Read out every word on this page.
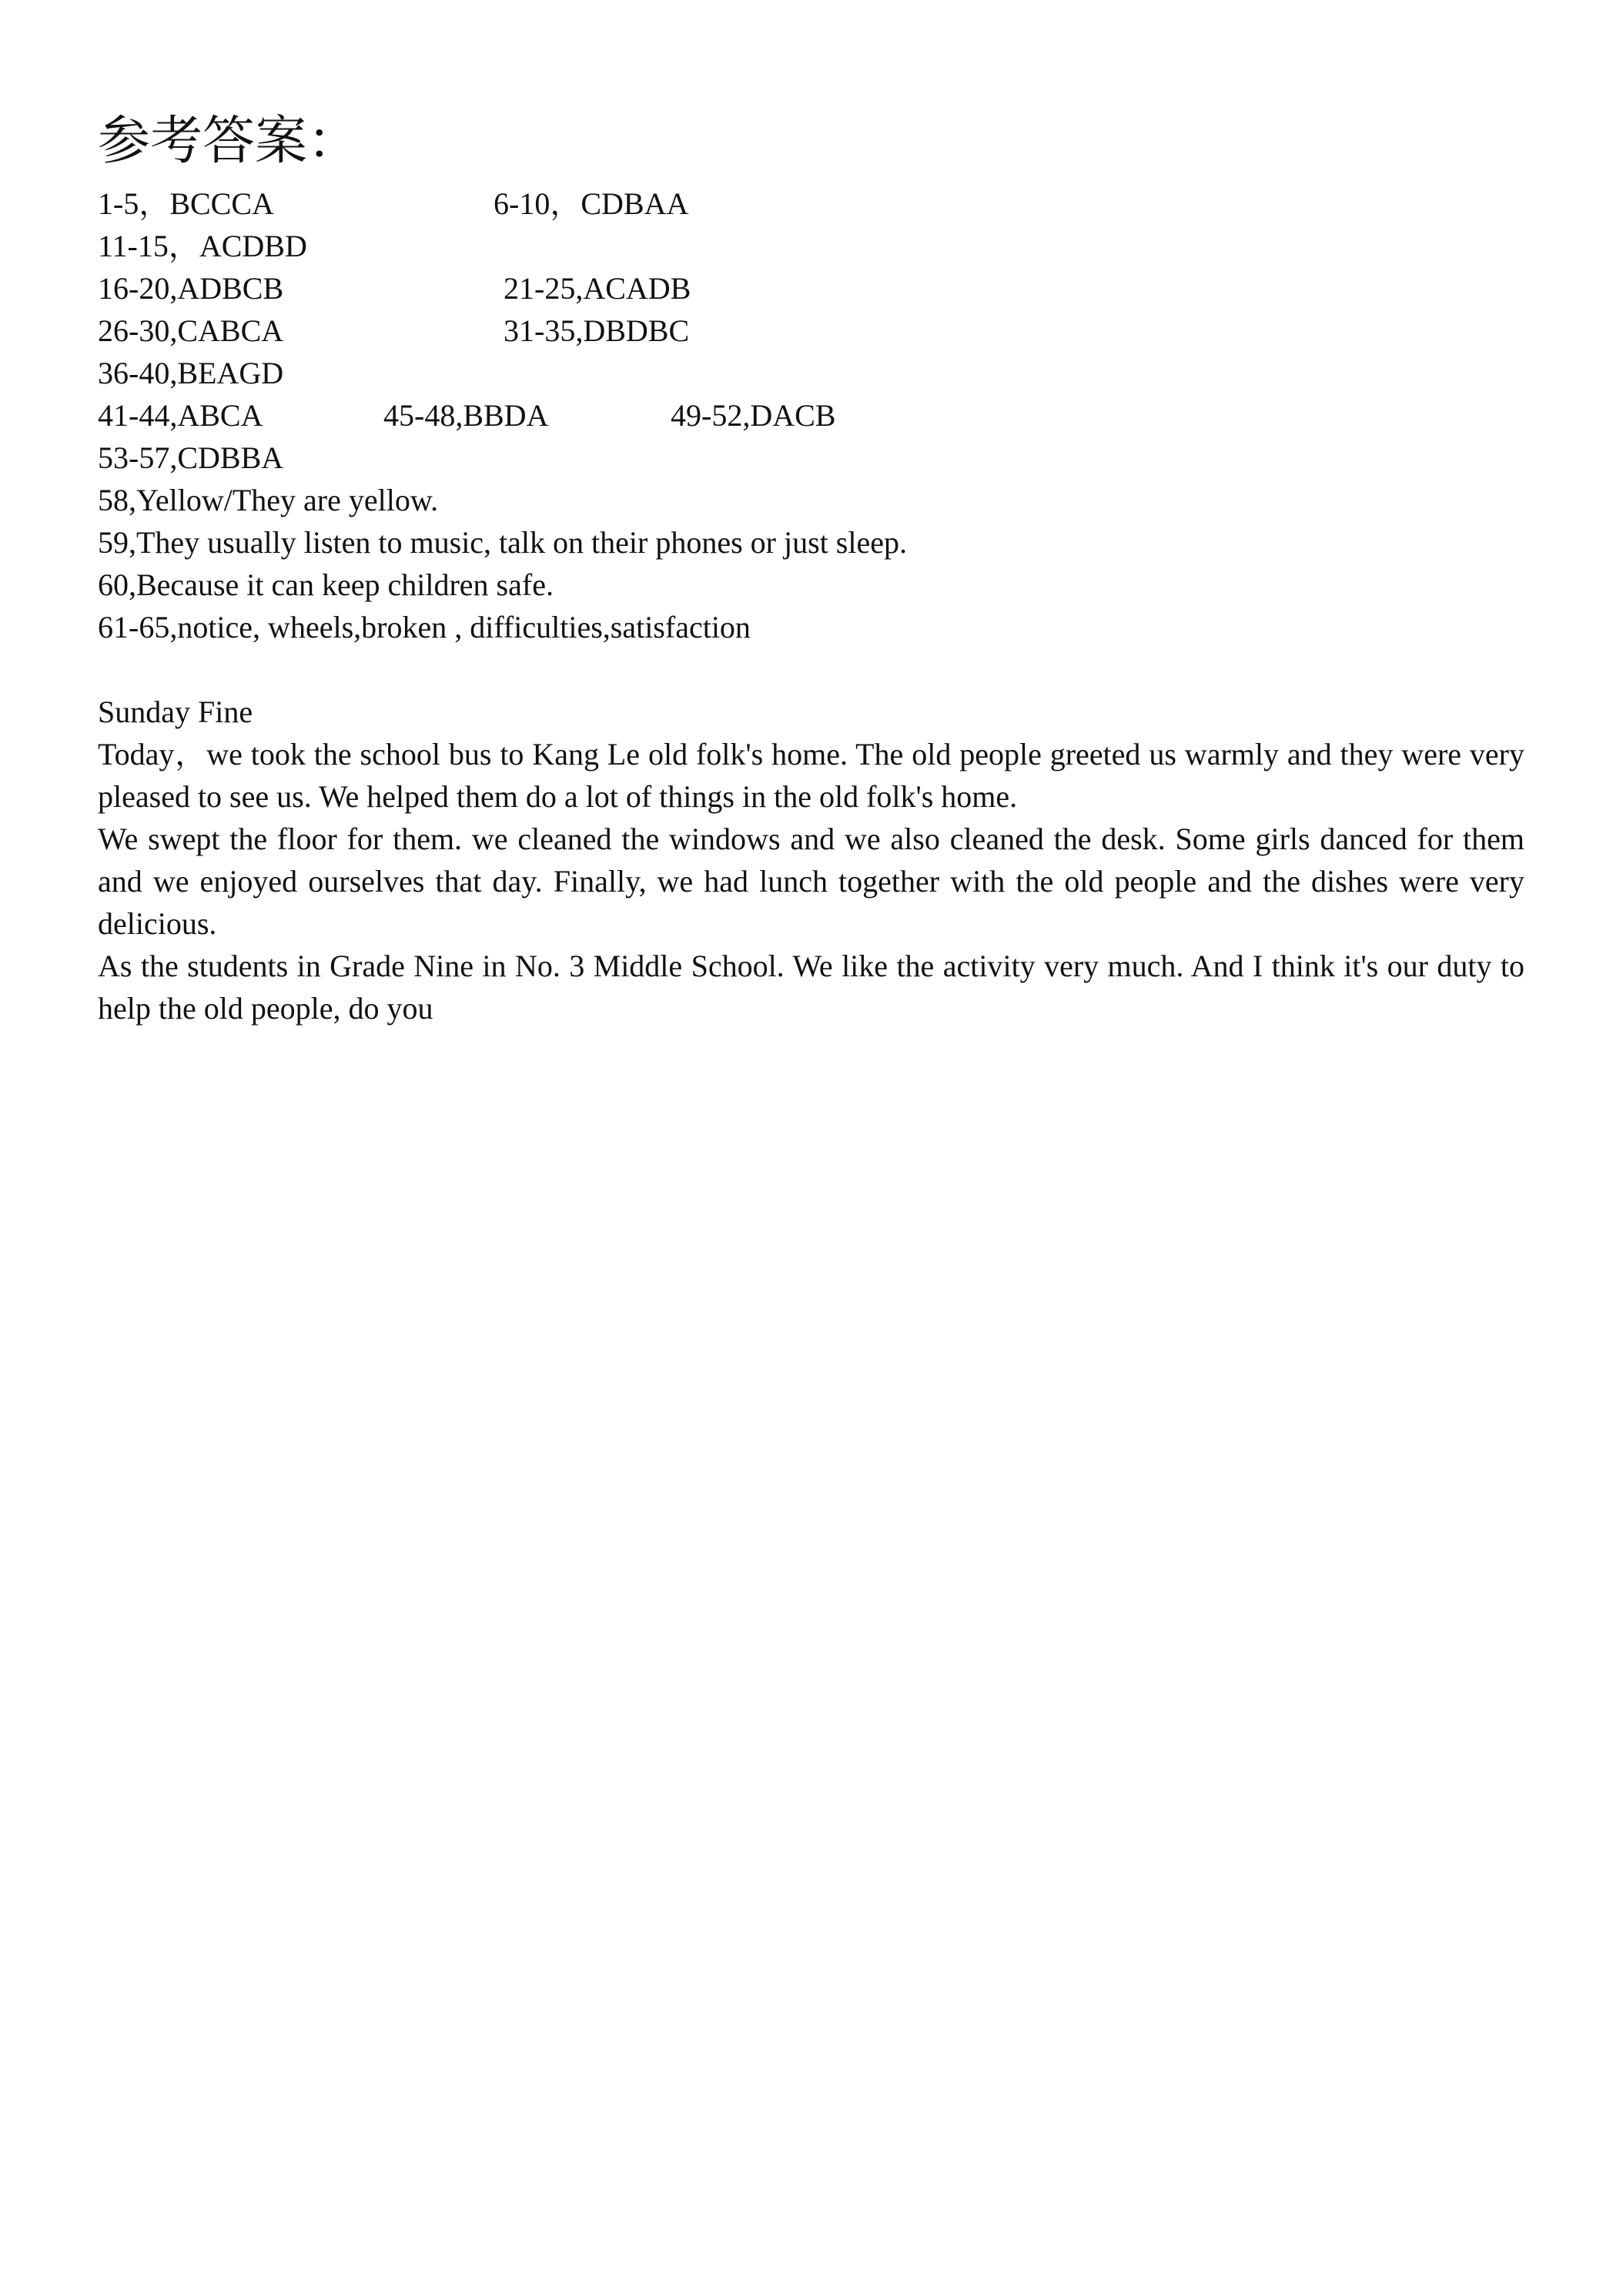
参考答案：
1-5，BCCCA	6-10，CDBAA
11-15，ACDBD
16-20,ADBCB	21-25,ACADB
26-30,CABCA	31-35,DBDBC
36-40,BEAGD
41-44,ABCA	45-48,BBDA	49-52,DACB
53-57,CDBBA
58,Yellow/They are yellow.
59,They usually listen to music, talk on their phones or just sleep.
60,Because it can keep children safe.
61-65,notice, wheels,broken , difficulties,satisfaction
Sunday Fine

Today，we took the school bus to Kang Le old folk's home. The old people greeted us warmly and they were very pleased to see us. We helped them do a lot of things in the old folk's home.

We swept the floor for them. we cleaned the windows and we also cleaned the desk. Some girls danced for them and we enjoyed ourselves that day. Finally, we had lunch together with the old people and the dishes were very delicious.

As the students in Grade Nine in No. 3 Middle School. We like the activity very much. And I think it's our duty to help the old people, do you
